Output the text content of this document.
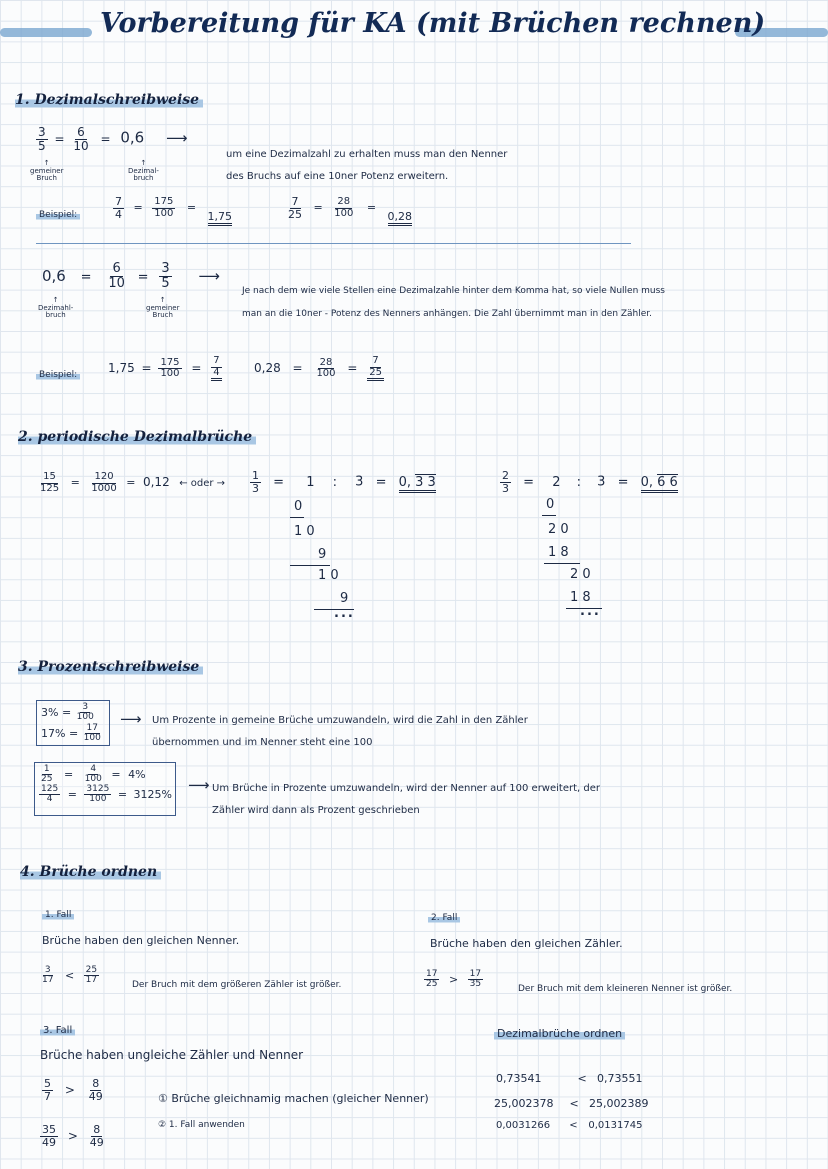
Vorbereitung für KA (mit Brüchen rechnen)
1. Dezimalschreibweise
$\frac{3}{5} = \frac{6}{10} = 0,6$ ⟶
↑
gemeiner
Bruch
↑
Dezimal-
bruch
um eine Dezimalzahl zu erhalten muss man den Nenner
des Bruchs auf eine 10ner Potenz erweitern.
Beispiel:	$\frac{7}{4} = \frac{175}{100} = 1,75$	$\frac{7}{25} = \frac{28}{100} = 0,28$
$0,6 = \frac{6}{10} = \frac{3}{5}$ ⟶
↑
Dezimahl-
bruch
↑
gemeiner
Bruch
Je nach dem wie viele Stellen eine Dezimalzahle hinter dem Komma hat, so viele Nullen muss
man an die 10ner - Potenz des Nenners anhängen. Die Zahl übernimmt man in den Zähler.
Beispiel:	$1,75 = \frac{175}{100} = \frac{7}{4}$	$0,28 = \frac{28}{100} = \frac{7}{25}$
2. periodische Dezimalbrüche
$\frac{15}{125} = \frac{120}{1000} = 0,12$ ← oder → $\frac{1}{3} = 1$ : 3 = 0, 3 3
0
1 0
9
1 0
9
...
$\frac{2}{3} = 2$ : 3 = 0, 6 6
0
2 0
1 8
2 0
1 8
...
3. Prozentschreibweise
$3\% = \frac{3}{100}$
$17\% = \frac{17}{100}$
⟶ Um Prozente in gemeine Brüche umzuwandeln, wird die Zahl in den Zähler
übernommen und im Nenner steht eine 100
$\frac{1}{25} = \frac{4}{100} = 4\%$
$\frac{125}{4} = \frac{3125}{100} = 3125\%$
⟶ Um Brüche in Prozente umzuwandeln, wird der Nenner auf 100 erweitert, der
Zähler wird dann als Prozent geschrieben
4. Brüche ordnen
1. Fall
Brüche haben den gleichen Nenner.
$\frac{3}{17} < \frac{25}{17}$	Der Bruch mit dem größeren Zähler ist größer.
2. Fall
Brüche haben den gleichen Zähler.
$\frac{17}{25} > \frac{17}{35}$	Der Bruch mit dem kleineren Nenner ist größer.
3. Fall
Brüche haben ungleiche Zähler und Nenner
$\frac{5}{7} > \frac{8}{49}$
$\frac{35}{49} > \frac{8}{49}$
① Brüche gleichnamig machen (gleicher Nenner)
② 1. Fall anwenden
Dezimalbrüche ordnen
0,73541	< 0,73551
25,002378 < 25,002389
0,0031266 < 0,0131745
